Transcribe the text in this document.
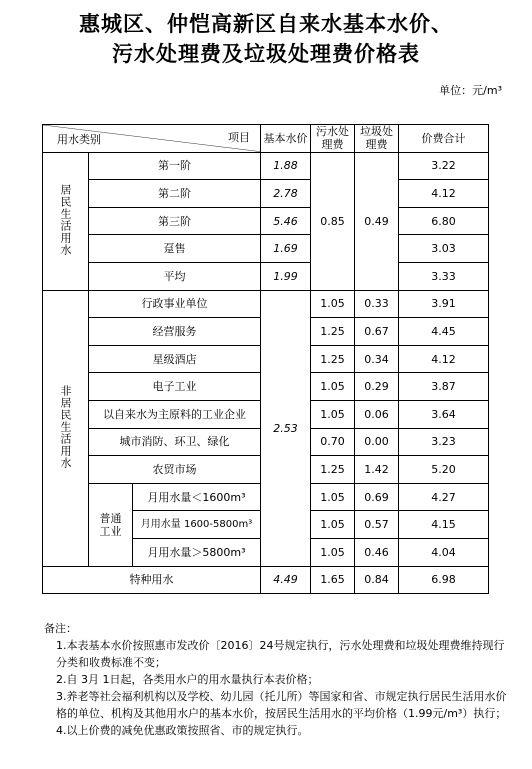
惠城区、仲恺高新区自来水基本水价、
污水处理费及垃圾处理费价格表
单位：元/m³
项目
用水类别			基本水价	污水处理费	垃圾处理费	价费合计
居民生活用水	第一阶		1.88	0.85	0.49	3.22
	第二阶		2.78			4.12
	第三阶		5.46			6.80
	趸售		1.69			3.03
	平均		1.99			3.33
非居民生活用水	行政事业单位		2.53	1.05	0.33	3.91
	经营服务			1.25	0.67	4.45
	星级酒店			1.25	0.34	4.12
	电子工业			1.05	0.29	3.87
	以自来水为主原料的工业企业			1.05	0.06	3.64
	城市消防、环卫、绿化			0.70	0.00	3.23
	农贸市场			1.25	1.42	5.20
	普通工业	月用水量＜1600m³		1.05	0.69	4.27
		月用水量 1600-5800m³		1.05	0.57	4.15
		月用水量＞5800m³		1.05	0.46	4.04
特种用水			4.49	1.65	0.84	6.98

备注：

1.本表基本水价按照惠市发改价〔2016〕24号规定执行，污水处理费和垃圾处理费维持现行分类和收费标准不变；

2.自 3月 1日起，各类用水户的用水量执行本表价格；

3.养老等社会福利机构以及学校、幼儿园（托儿所）等国家和省、市规定执行居民生活用水价格的单位、机构及其他用水户的基本水价，按居民生活用水的平均价格（1.99元/m³）执行；

4.以上价费的减免优惠政策按照省、市的规定执行。
